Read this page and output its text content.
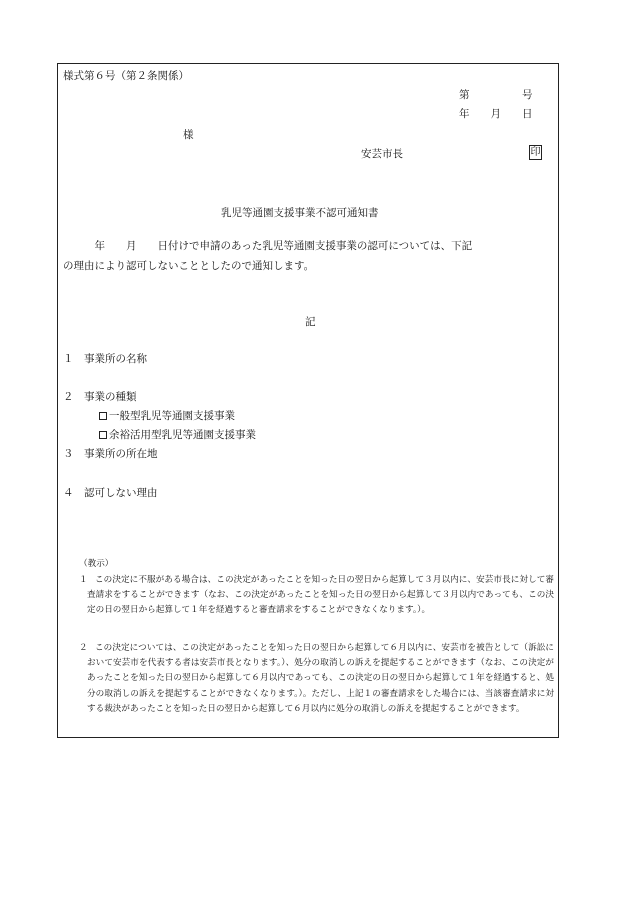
様式第６号（第２条関係）
第　　　　　号
年　　月　　日
様
安芸市長	印
乳児等通園支援事業不認可通知書
　　　年　　月　　日付けで申請のあった乳児等通園支援事業の認可については、下記
の理由により認可しないこととしたので通知します。
記
１　事業所の名称
２　事業の種類
一般型乳児等通園支援事業
余裕活用型乳児等通園支援事業
３　事業所の所在地
４　認可しない理由
（教示）
１ この決定に不服がある場合は、この決定があったことを知った日の翌日から起算して３月以内に、安芸市長に対して審査請求をすることができます（なお、この決定があったことを知った日の翌日から起算して３月以内であっても、この決定の日の翌日から起算して１年を経過すると審査請求をすることができなくなります。）。
２ この決定については、この決定があったことを知った日の翌日から起算して６月以内に、安芸市を被告として（訴訟において安芸市を代表する者は安芸市長となります。）、処分の取消しの訴えを提起することができます（なお、この決定があったことを知った日の翌日から起算して６月以内であっても、この決定の日の翌日から起算して１年を経過すると、処分の取消しの訴えを提起することができなくなります。）。ただし、上記１の審査請求をした場合には、当該審査請求に対する裁決があったことを知った日の翌日から起算して６月以内に処分の取消しの訴えを提起することができます。
